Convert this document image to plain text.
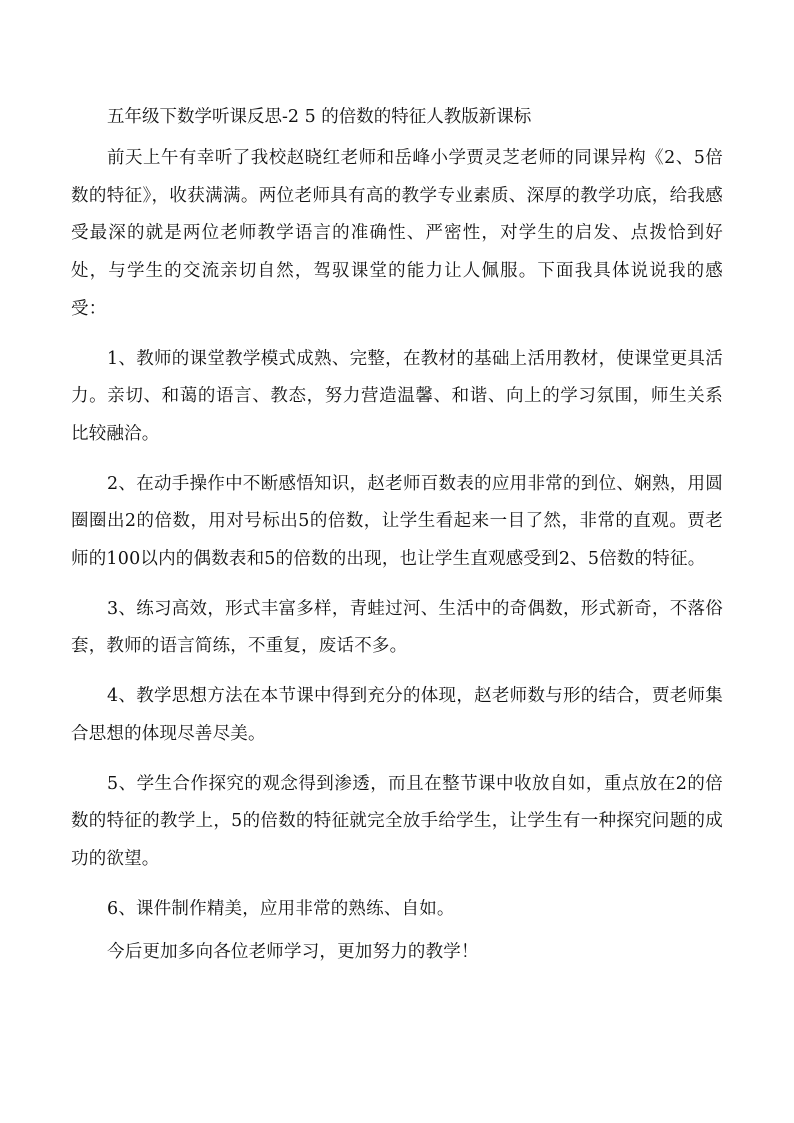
五年级下数学听课反思-2 5 的倍数的特征人教版新课标

前天上午有幸听了我校赵晓红老师和岳峰小学贾灵芝老师的同课异构《2、5倍数的特征》，收获满满。两位老师具有高的教学专业素质、深厚的教学功底，给我感受最深的就是两位老师教学语言的准确性、严密性，对学生的启发、点拨恰到好处，与学生的交流亲切自然，驾驭课堂的能力让人佩服。下面我具体说说我的感受：

1、教师的课堂教学模式成熟、完整，在教材的基础上活用教材，使课堂更具活力。亲切、和蔼的语言、教态，努力营造温馨、和谐、向上的学习氛围，师生关系比较融洽。

2、在动手操作中不断感悟知识，赵老师百数表的应用非常的到位、娴熟，用圆圈圈出2的倍数，用对号标出5的倍数，让学生看起来一目了然，非常的直观。贾老师的100以内的偶数表和5的倍数的出现，也让学生直观感受到2、5倍数的特征。

3、练习高效，形式丰富多样，青蛙过河、生活中的奇偶数，形式新奇，不落俗套，教师的语言简练，不重复，废话不多。

4、教学思想方法在本节课中得到充分的体现，赵老师数与形的结合，贾老师集合思想的体现尽善尽美。

5、学生合作探究的观念得到渗透，而且在整节课中收放自如，重点放在2的倍数的特征的教学上，5的倍数的特征就完全放手给学生，让学生有一种探究问题的成功的欲望。

6、课件制作精美，应用非常的熟练、自如。

今后更加多向各位老师学习，更加努力的教学！
